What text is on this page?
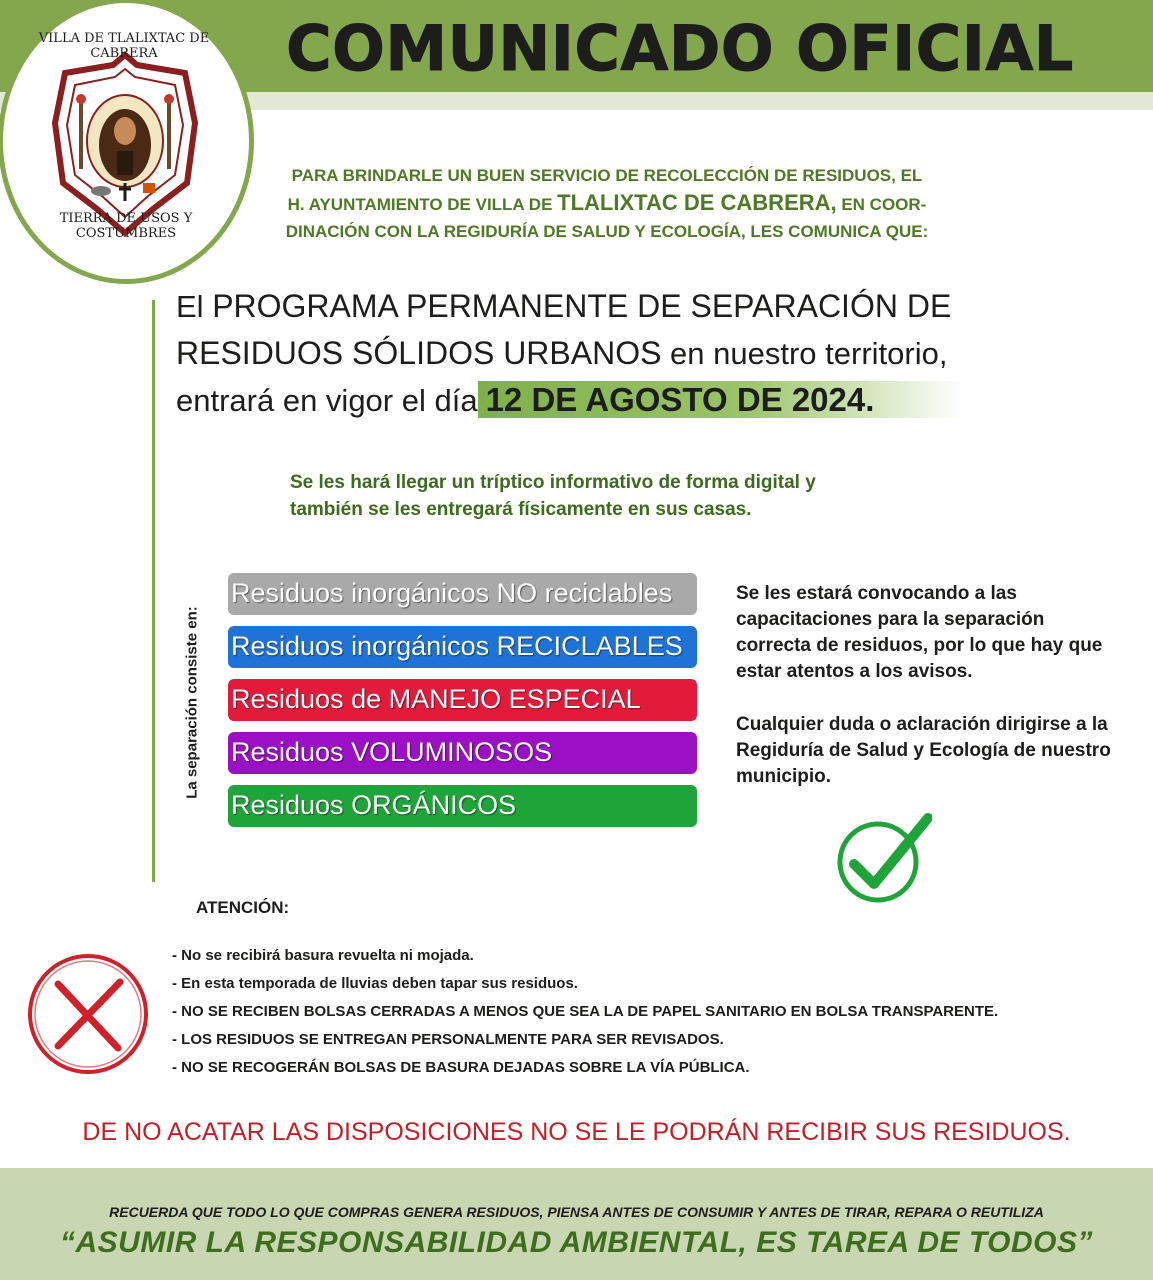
COMUNICADO OFICIAL
VILLA DE TLALIXTAC DE CABRERA
TIERRA DE USOS Y COSTUMBRES
PARA BRINDARLE UN BUEN SERVICIO DE RECOLECCIÓN DE RESIDUOS, EL
H. AYUNTAMIENTO DE VILLA DE TLALIXTAC DE CABRERA, EN COOR-
DINACIÓN CON LA REGIDURÍA DE SALUD Y ECOLOGÍA, LES COMUNICA QUE:
El PROGRAMA PERMANENTE DE SEPARACIÓN DE
RESIDUOS SÓLIDOS URBANOS en nuestro territorio,
entrará en vigor el día 12 DE AGOSTO DE 2024.
Se les hará llegar un tríptico informativo de forma digital y
también se les entregará físicamente en sus casas.
La separación consiste en:
Residuos inorgánicos NO reciclables
Residuos inorgánicos RECICLABLES
Residuos de MANEJO ESPECIAL
Residuos VOLUMINOSOS
Residuos ORGÁNICOS
Se les estará convocando a las capacitaciones para la separación correcta de residuos, por lo que hay que estar atentos a los avisos.
Cualquier duda o aclaración dirigirse a la Regiduría de Salud y Ecología de nuestro municipio.
ATENCIÓN:
- No se recibirá basura revuelta ni mojada.
- En esta temporada de lluvias deben tapar sus residuos.
- NO SE RECIBEN BOLSAS CERRADAS A MENOS QUE SEA LA DE PAPEL SANITARIO EN BOLSA TRANSPARENTE.
- LOS RESIDUOS SE ENTREGAN PERSONALMENTE PARA SER REVISADOS.
- NO SE RECOGERÁN BOLSAS DE BASURA DEJADAS SOBRE LA VÍA PÚBLICA.
DE NO ACATAR LAS DISPOSICIONES NO SE LE PODRÁN RECIBIR SUS RESIDUOS.
RECUERDA QUE TODO LO QUE COMPRAS GENERA RESIDUOS, PIENSA ANTES DE CONSUMIR Y ANTES DE TIRAR, REPARA O REUTILIZA
“ASUMIR LA RESPONSABILIDAD AMBIENTAL, ES TAREA DE TODOS”
